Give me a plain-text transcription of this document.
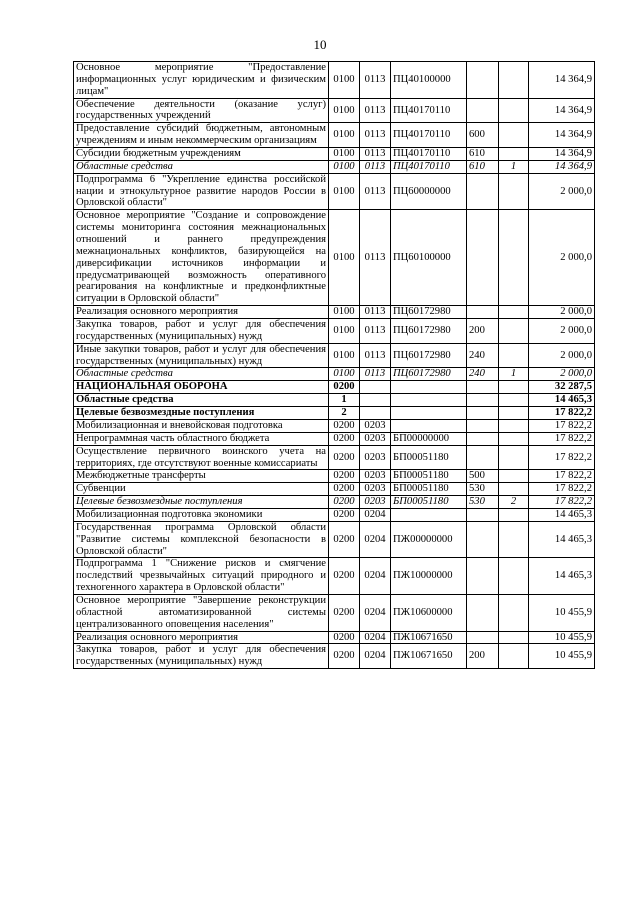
10
Основное мероприятие "Предоставление информационных услуг юридическим и физическим лицам"	0100	0113	ПЦ40100000			14 364,9
Обеспечение деятельности (оказание услуг) государственных учреждений	0100	0113	ПЦ40170110			14 364,9
Предоставление субсидий бюджетным, автономным учреждениям и иным некоммерческим организациям	0100	0113	ПЦ40170110	600		14 364,9
Субсидии бюджетным учреждениям	0100	0113	ПЦ40170110	610		14 364,9
Областные средства	0100	0113	ПЦ40170110	610	1	14 364,9
Подпрограмма 6 "Укрепление единства российской нации и этнокультурное развитие народов России в Орловской области"	0100	0113	ПЦ60000000			2 000,0
Основное мероприятие "Создание и сопровождение системы мониторинга состояния межнациональных отношений и раннего предупреждения межнациональных конфликтов, базирующейся на диверсификации источников информации и предусматривающей возможность оперативного реагирования на конфликтные и предконфликтные ситуации в Орловской области"	0100	0113	ПЦ60100000			2 000,0
Реализация основного мероприятия	0100	0113	ПЦ60172980			2 000,0
Закупка товаров, работ и услуг для обеспечения государственных (муниципальных) нужд	0100	0113	ПЦ60172980	200		2 000,0
Иные закупки товаров, работ и услуг для обеспечения государственных (муниципальных) нужд	0100	0113	ПЦ60172980	240		2 000,0
Областные средства	0100	0113	ПЦ60172980	240	1	2 000,0
НАЦИОНАЛЬНАЯ ОБОРОНА	0200					32 287,5
Областные средства	1					14 465,3
Целевые безвозмездные поступления	2					17 822,2
Мобилизационная и вневойсковая подготовка	0200	0203				17 822,2
Непрограммная часть областного бюджета	0200	0203	БП00000000			17 822,2
Осуществление первичного воинского учета на территориях, где отсутствуют военные комиссариаты	0200	0203	БП00051180			17 822,2
Межбюджетные трансферты	0200	0203	БП00051180	500		17 822,2
Субвенции	0200	0203	БП00051180	530		17 822,2
Целевые безвозмездные поступления	0200	0203	БП00051180	530	2	17 822,2
Мобилизационная подготовка экономики	0200	0204				14 465,3
Государственная программа Орловской области "Развитие системы комплексной безопасности в Орловской области"	0200	0204	ПЖ00000000			14 465,3
Подпрограмма 1 "Снижение рисков и смягчение последствий чрезвычайных ситуаций природного и техногенного характера в Орловской области"	0200	0204	ПЖ10000000			14 465,3
Основное мероприятие "Завершение реконструкции областной автоматизированной системы централизованного оповещения населения"	0200	0204	ПЖ10600000			10 455,9
Реализация основного мероприятия	0200	0204	ПЖ10671650			10 455,9
Закупка товаров, работ и услуг для обеспечения государственных (муниципальных) нужд	0200	0204	ПЖ10671650	200		10 455,9
